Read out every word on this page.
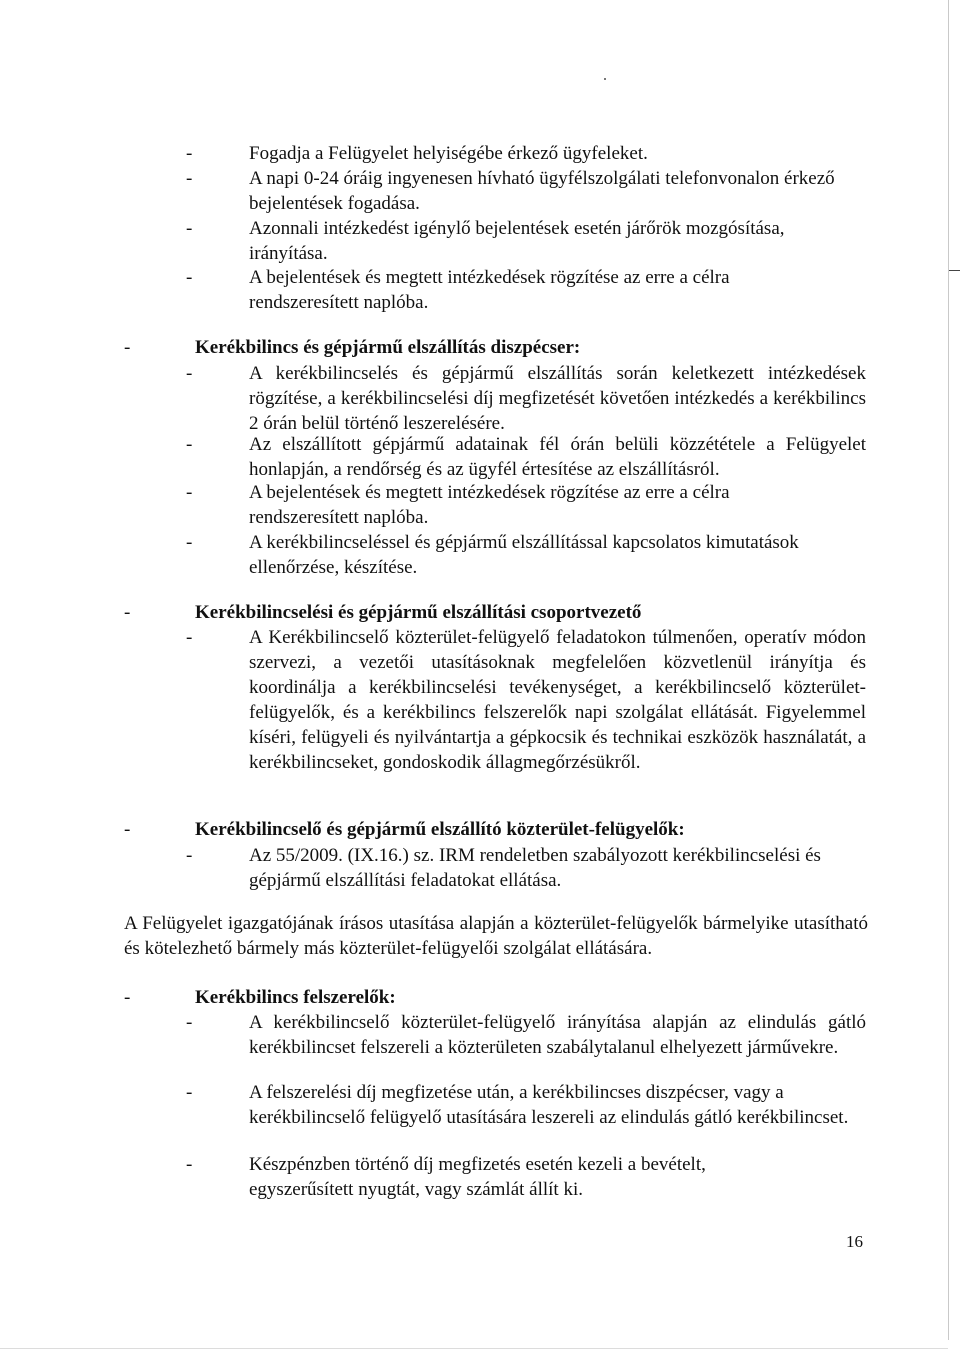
-	Fogadja a Felügyelet helyiségébe érkező ügyfeleket.
-	A napi 0-24 óráig ingyenesen hívható ügyfélszolgálati telefonvonalon érkező bejelentések fogadása.
-	Azonnali intézkedést igénylő bejelentések esetén járőrök mozgósítása, irányítása.
-	A bejelentések és megtett intézkedések rögzítése az erre a célra rendszeresített naplóba.
-	Kerékbilincs és gépjármű elszállítás diszpécser:
-	A kerékbilincselés és gépjármű elszállítás során keletkezett intézkedések rögzítése, a kerékbilincselési díj megfizetését követően intézkedés a kerékbilincs 2 órán belül történő leszerelésére.
-	Az elszállított gépjármű adatainak fél órán belüli közzététele a Felügyelet honlapján, a rendőrség és az ügyfél értesítése az elszállításról.
-	A bejelentések és megtett intézkedések rögzítése az erre a célra rendszeresített naplóba.
-	A kerékbilincseléssel és gépjármű elszállítással kapcsolatos kimutatások ellenőrzése, készítése.
-	Kerékbilincselési és gépjármű elszállítási csoportvezető
-	A Kerékbilincselő közterület-felügyelő feladatokon túlmenően, operatív módon szervezi, a vezetői utasításoknak megfelelően közvetlenül irányítja és koordinálja a kerékbilincselési tevékenységet, a kerékbilincselő közterület-felügyelők, és a kerékbilincs felszerelők napi szolgálat ellátását. Figyelemmel kíséri, felügyeli és nyilvántartja a gépkocsik és technikai eszközök használatát, a kerékbilincseket, gondoskodik állagmegőrzésükről.
-	Kerékbilincselő és gépjármű elszállító közterület-felügyelők:
-	Az 55/2009. (IX.16.) sz. IRM rendeletben szabályozott kerékbilincselési és gépjármű elszállítási feladatokat ellátása.
A Felügyelet igazgatójának írásos utasítása alapján a közterület-felügyelők bármelyike utasítható és kötelezhető bármely más közterület-felügyelői szolgálat ellátására.
-	Kerékbilincs felszerelők:
-	A kerékbilincselő közterület-felügyelő irányítása alapján az elindulás gátló kerékbilincset felszereli a közterületen szabálytalanul elhelyezett járművekre.
-	A felszerelési díj megfizetése után, a kerékbilincses diszpécser, vagy a kerékbilincselő felügyelő utasítására leszereli az elindulás gátló kerékbilincset.
-	Készpénzben történő díj megfizetés esetén kezeli a bevételt, egyszerűsített nyugtát, vagy számlát állít ki.
16
